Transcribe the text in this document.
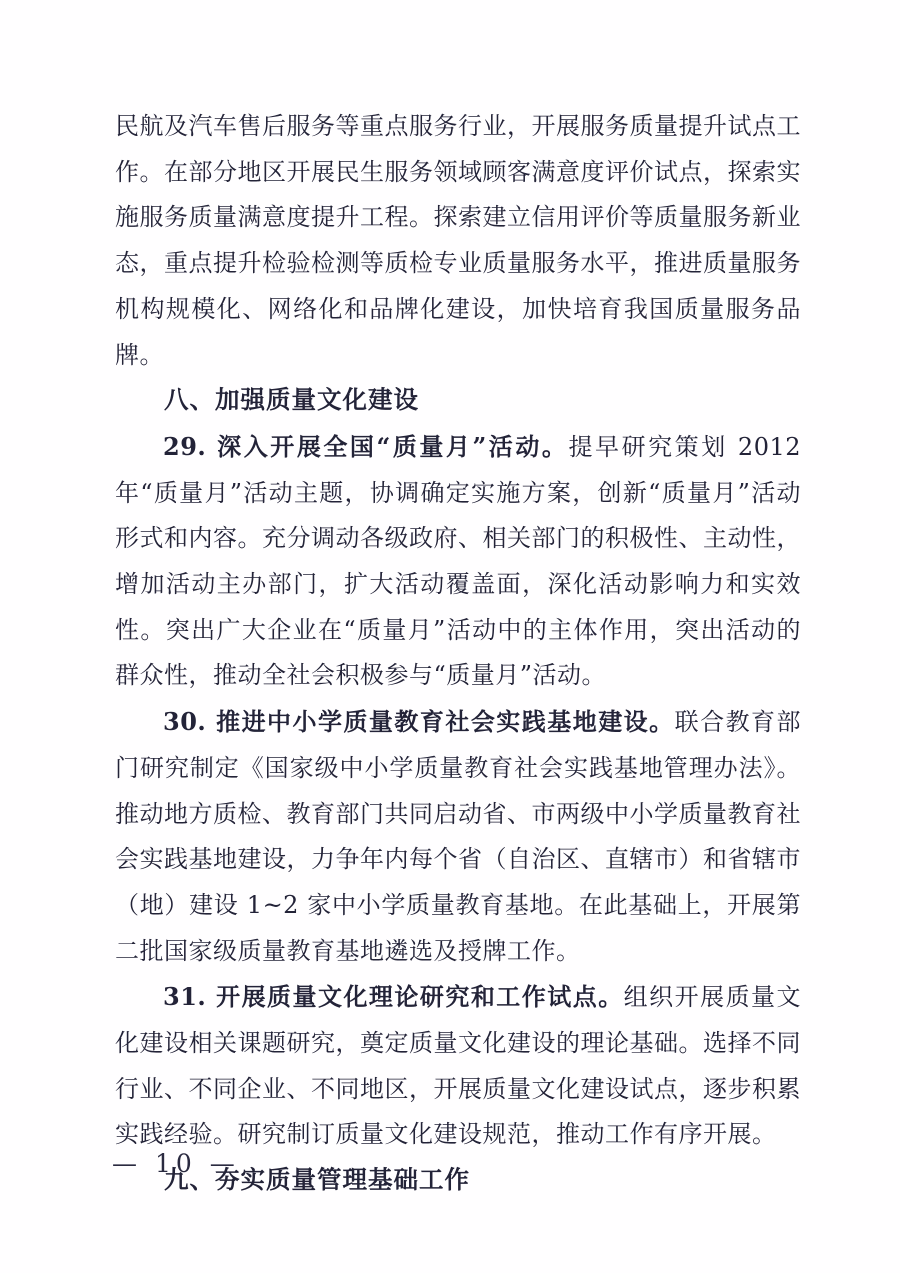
民航及汽车售后服务等重点服务行业，开展服务质量提升试点工作。在部分地区开展民生服务领域顾客满意度评价试点，探索实施服务质量满意度提升工程。探索建立信用评价等质量服务新业态，重点提升检验检测等质检专业质量服务水平，推进质量服务机构规模化、网络化和品牌化建设，加快培育我国质量服务品牌。

八、加强质量文化建设

29. 深入开展全国“质量月”活动。提早研究策划 2012 年“质量月”活动主题，协调确定实施方案，创新“质量月”活动形式和内容。充分调动各级政府、相关部门的积极性、主动性，增加活动主办部门，扩大活动覆盖面，深化活动影响力和实效性。突出广大企业在“质量月”活动中的主体作用，突出活动的群众性，推动全社会积极参与“质量月”活动。

30. 推进中小学质量教育社会实践基地建设。联合教育部门研究制定《国家级中小学质量教育社会实践基地管理办法》。推动地方质检、教育部门共同启动省、市两级中小学质量教育社会实践基地建设，力争年内每个省（自治区、直辖市）和省辖市（地）建设 1~2 家中小学质量教育基地。在此基础上，开展第二批国家级质量教育基地遴选及授牌工作。

31. 开展质量文化理论研究和工作试点。组织开展质量文化建设相关课题研究，奠定质量文化建设的理论基础。选择不同行业、不同企业、不同地区，开展质量文化建设试点，逐步积累实践经验。研究制订质量文化建设规范，推动工作有序开展。

九、夯实质量管理基础工作
— 10 —
